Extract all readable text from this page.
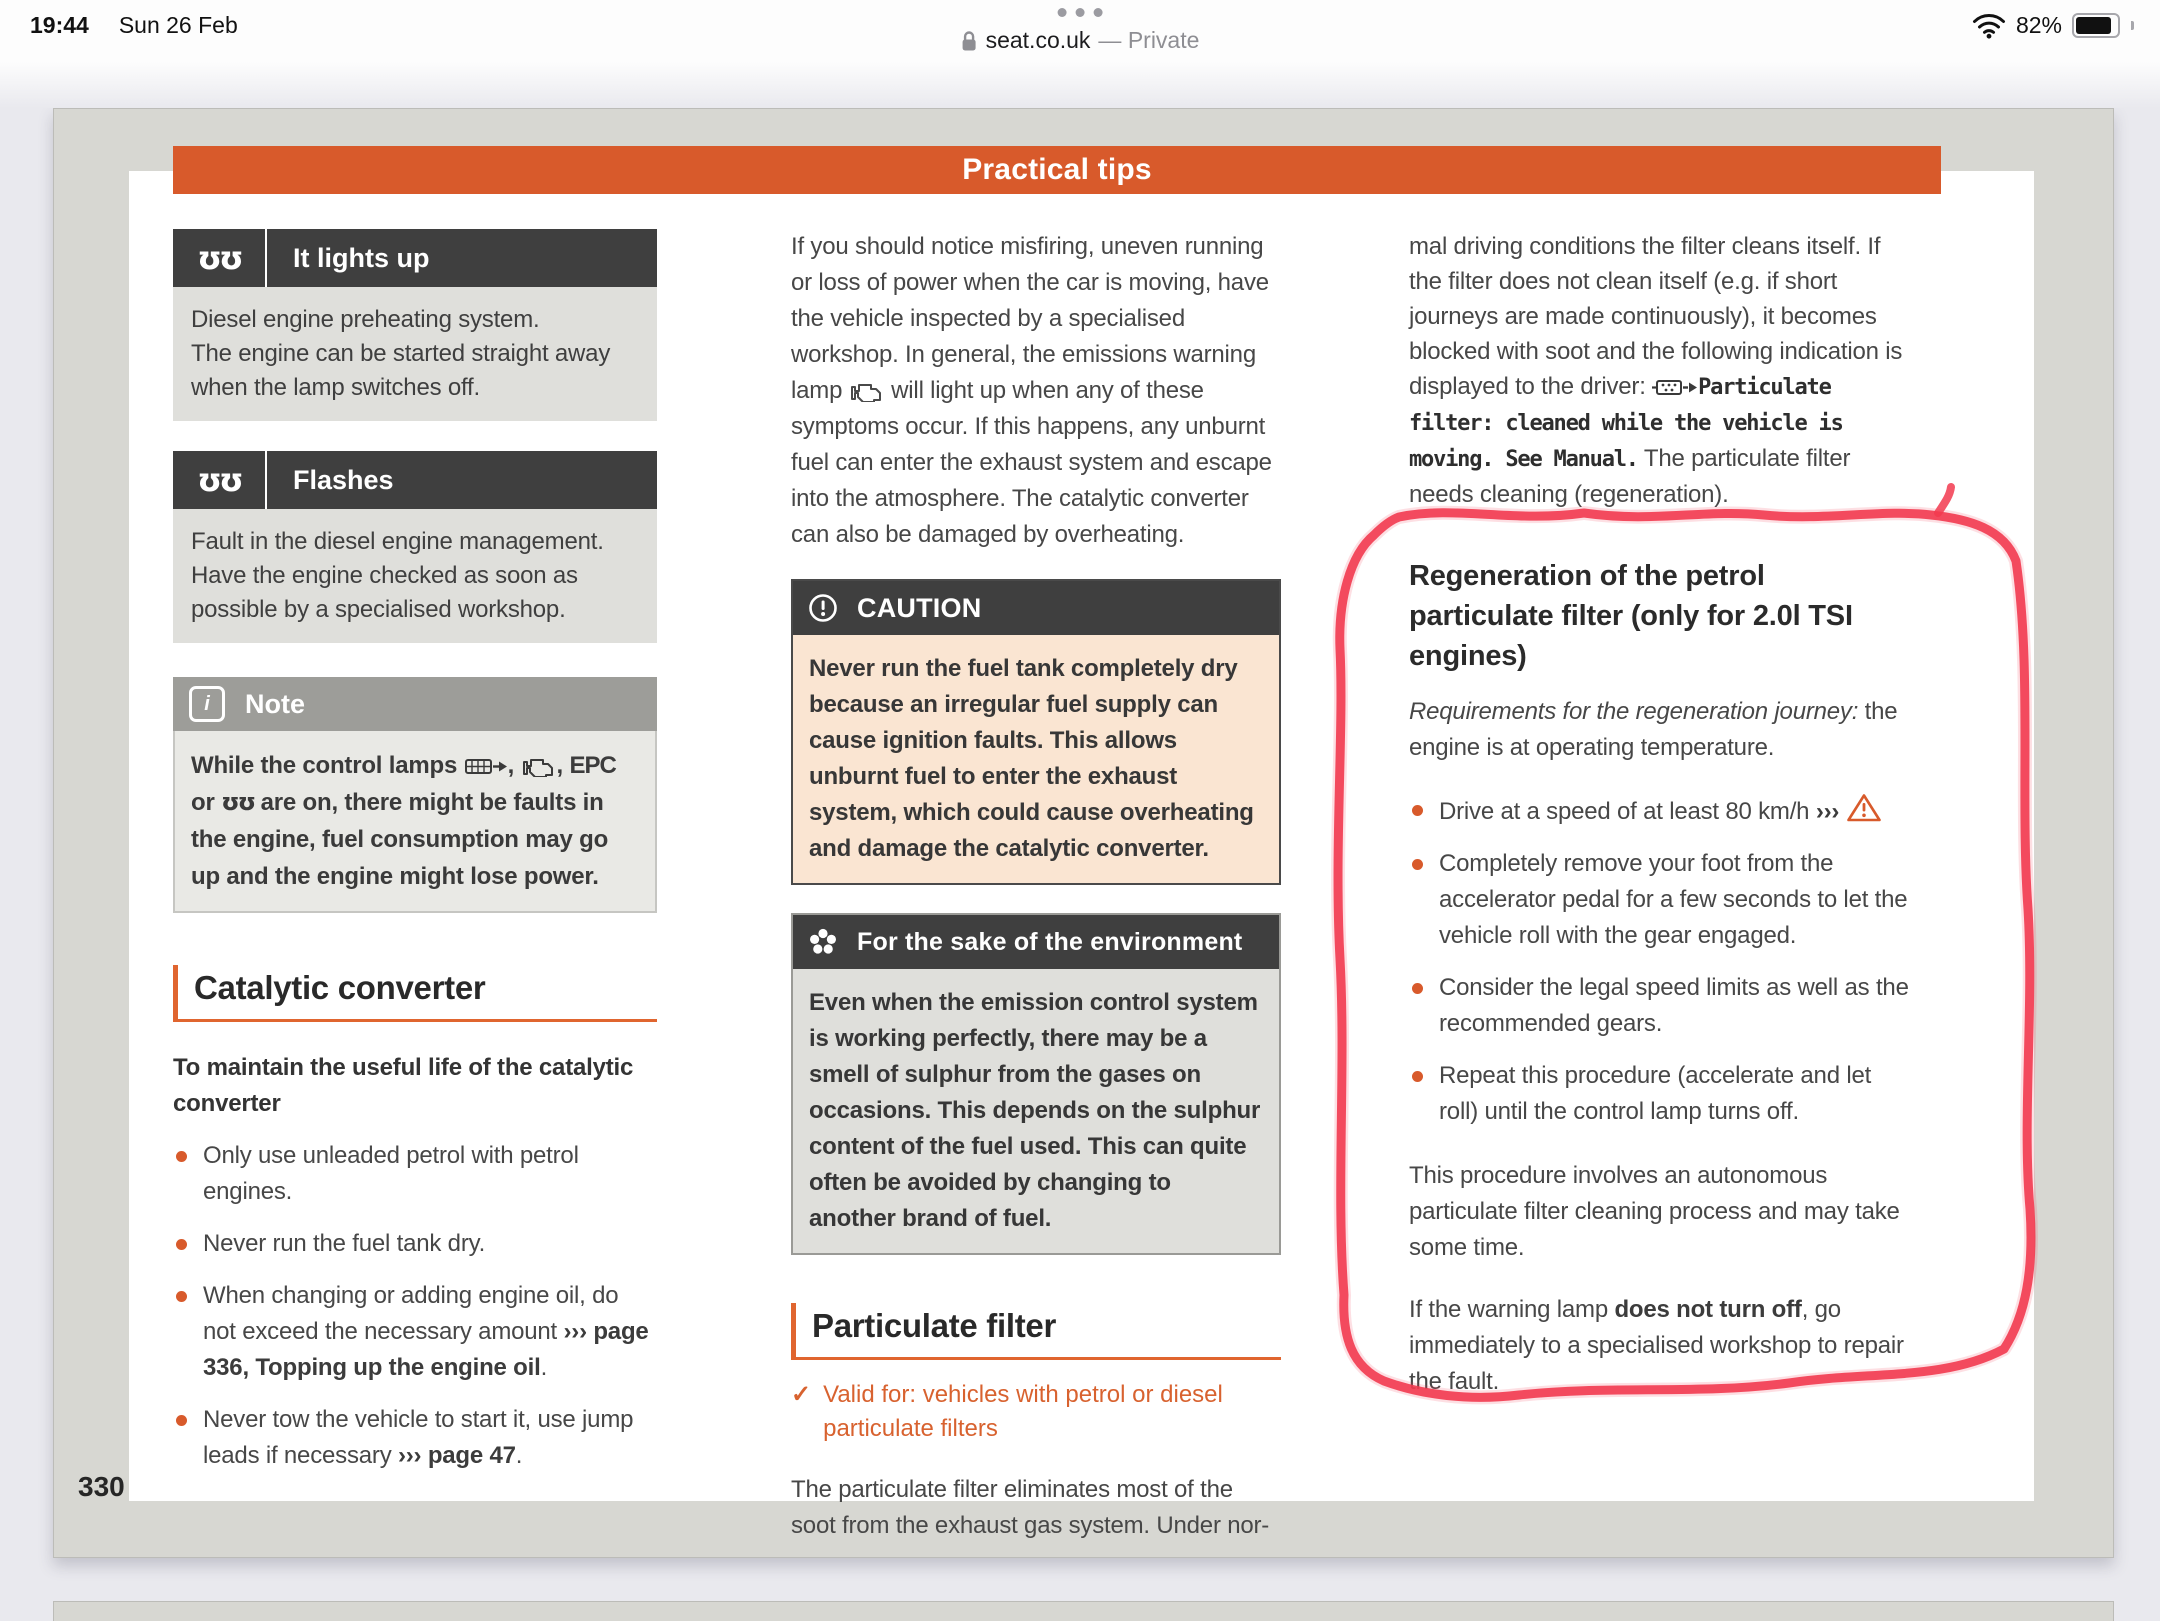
19:44 Sun 26 Feb
seat.co.uk — Private
82%
Practical tips
330
ʊʊ	It lights up
Diesel engine preheating system.
The engine can be started straight away when the lamp switches off.
ʊʊ	Flashes
Fault in the diesel engine management.
Have the engine checked as soon as possible by a specialised workshop.
i	Note
While the control lamps , , EPC or ʊʊ are on, there might be faults in the engine, fuel consumption may go up and the engine might lose power.
Catalytic converter
To maintain the useful life of the catalytic converter
Only use unleaded petrol with petrol engines.
Never run the fuel tank dry.
When changing or adding engine oil, do not exceed the necessary amount ››› page 336, Topping up the engine oil.
Never tow the vehicle to start it, use jump leads if necessary ››› page 47.
If you should notice misfiring, uneven running or loss of power when the car is moving, have the vehicle inspected by a specialised workshop. In general, the emissions warning lamp  will light up when any of these symptoms occur. If this happens, any unburnt fuel can enter the exhaust system and escape into the atmosphere. The catalytic converter can also be damaged by overheating.
CAUTION
Never run the fuel tank completely dry because an irregular fuel supply can cause ignition faults. This allows unburnt fuel to enter the exhaust system, which could cause overheating and damage the catalytic converter.
For the sake of the environment
Even when the emission control system is working perfectly, there may be a smell of sulphur from the gases on occasions. This depends on the sulphur content of the fuel used. This can quite often be avoided by changing to another brand of fuel.
Particulate filter
✓ Valid for: vehicles with petrol or diesel particulate filters
The particulate filter eliminates most of the soot from the exhaust gas system. Under nor-
mal driving conditions the filter cleans itself. If the filter does not clean itself (e.g. if short journeys are made continuously), it becomes blocked with soot and the following indication is displayed to the driver: Particulate filter: cleaned while the vehicle is moving. See Manual. The particulate filter needs cleaning (regeneration).
Regeneration of the petrol particulate filter (only for 2.0l TSI engines)
Requirements for the regeneration journey: the engine is at operating temperature.
Drive at a speed of at least 80 km/h ›››
Completely remove your foot from the accelerator pedal for a few seconds to let the vehicle roll with the gear engaged.
Consider the legal speed limits as well as the recommended gears.
Repeat this procedure (accelerate and let roll) until the control lamp turns off.
This procedure involves an autonomous particulate filter cleaning process and may take some time.
If the warning lamp does not turn off, go immediately to a specialised workshop to repair the fault.
